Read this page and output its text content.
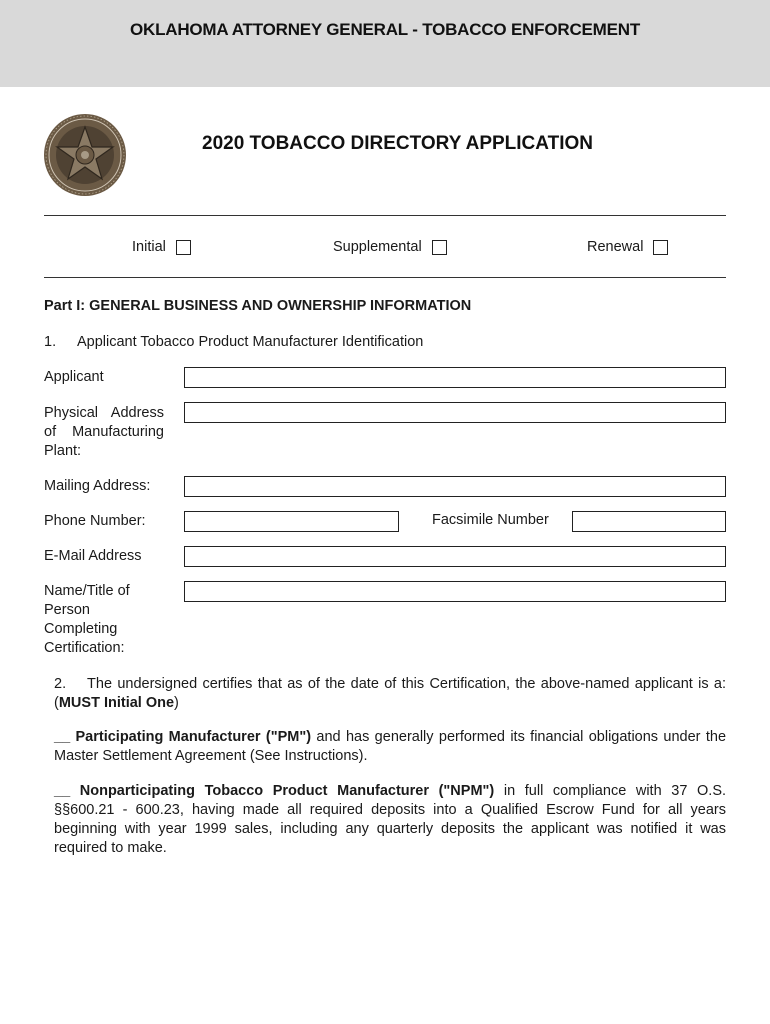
OKLAHOMA ATTORNEY GENERAL - TOBACCO ENFORCEMENT
2020 TOBACCO DIRECTORY APPLICATION
Initial	Supplemental	Renewal
Part I: GENERAL BUSINESS AND OWNERSHIP INFORMATION
1. Applicant Tobacco Product Manufacturer Identification
Applicant
Physical Address of Manufacturing Plant:
Mailing Address:
Phone Number:	Facsimile Number
E-Mail Address
Name/Title of Person Completing Certification:
2. The undersigned certifies that as of the date of this Certification, the above-named applicant is a: (MUST Initial One)
__ Participating Manufacturer ("PM") and has generally performed its financial obligations under the Master Settlement Agreement (See Instructions).
__ Nonparticipating Tobacco Product Manufacturer ("NPM") in full compliance with 37 O.S. §§600.21 - 600.23, having made all required deposits into a Qualified Escrow Fund for all years beginning with year 1999 sales, including any quarterly deposits the applicant was notified it was required to make.
